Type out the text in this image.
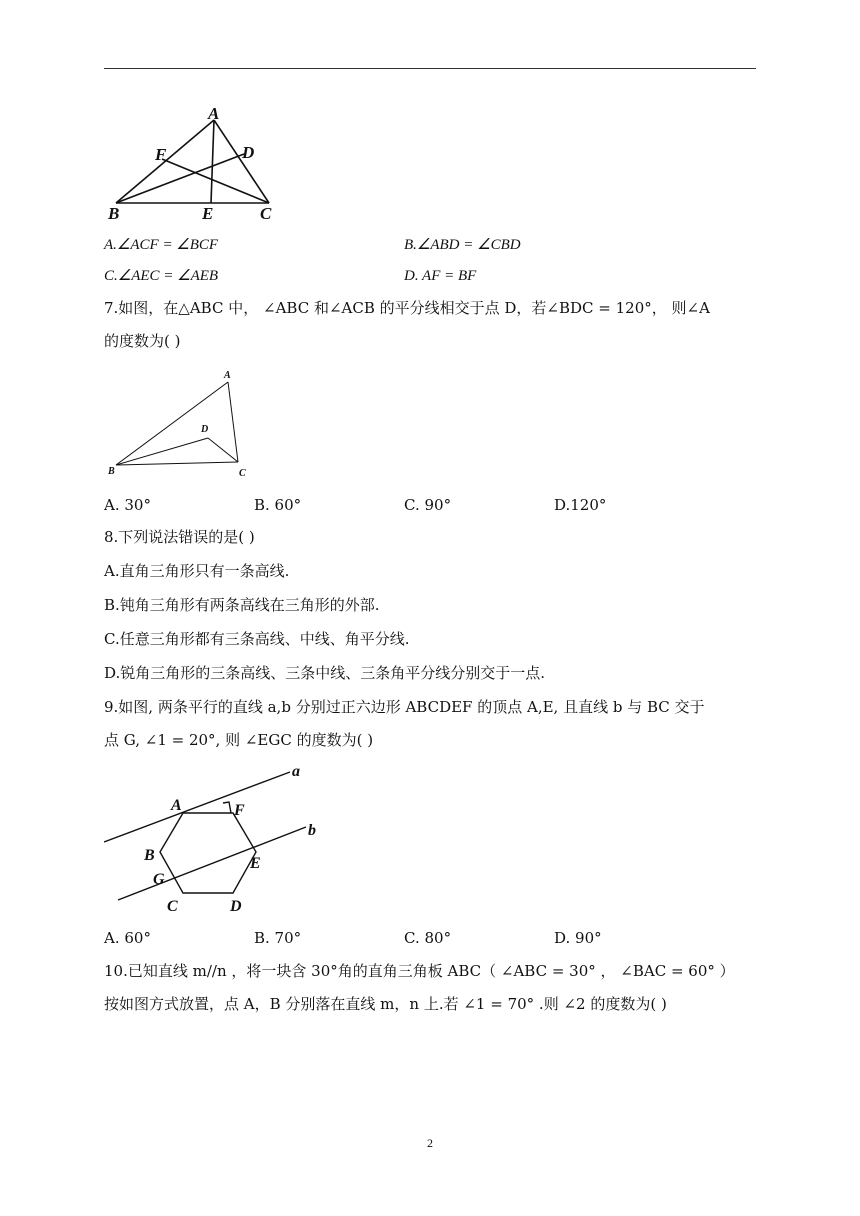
A
F	D
B	E	C
A.∠ACF = ∠BCF	B.∠ABD = ∠CBD
C.∠AEC = ∠AEB	D. AF = BF
7.如图，在△ABC 中， ∠ABC 和∠ACB 的平分线相交于点 D，若∠BDC = 120°， 则∠A
的度数为( )
A
D
B	C
A. 30°	B. 60°	C. 90°	D.120°
8.下列说法错误的是( )
A.直角三角形只有一条高线.
B.钝角三角形有两条高线在三角形的外部.
C.任意三角形都有三条高线、中线、角平分线.
D.锐角三角形的三条高线、三条中线、三条角平分线分别交于一点.
9.如图, 两条平行的直线 a,b 分别过正六边形 ABCDEF 的顶点 A,E, 且直线 b 与 BC 交于
点 G, ∠1 = 20°, 则 ∠EGC 的度数为( )
a
b
A	F
B	E
G
C	D
A. 60°	B. 70°	C. 80°	D. 90°
10.已知直线 m//n ，将一块含 30°角的直角三角板 ABC（ ∠ABC = 30° ， ∠BAC = 60° ）
按如图方式放置，点 A，B 分别落在直线 m，n 上.若 ∠1 = 70° .则 ∠2 的度数为( )
2
